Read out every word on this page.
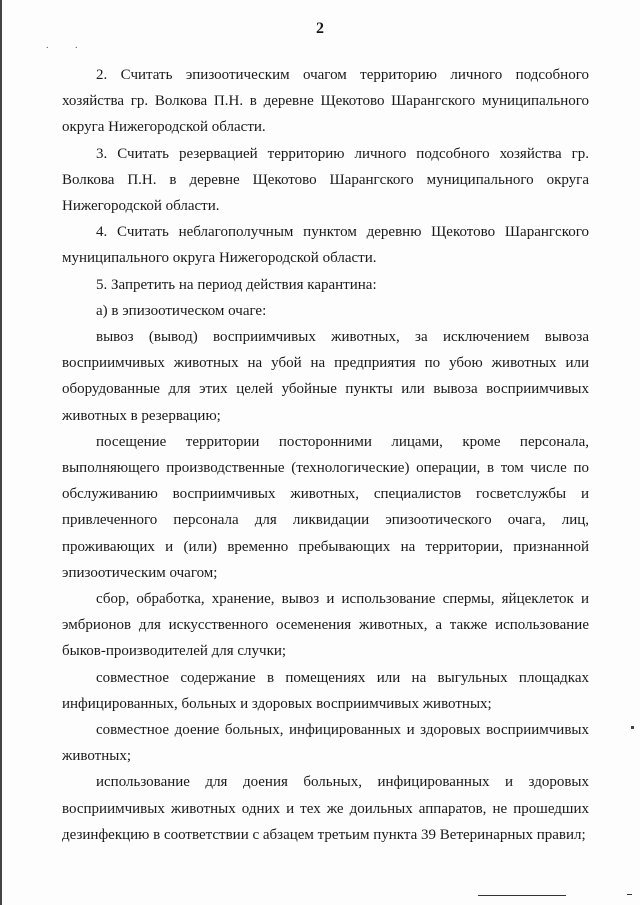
2
. .

2. Считать эпизоотическим очагом территорию личного подсобного хозяйства гр. Волкова П.Н. в деревне Щекотово Шарангского муниципального округа Нижегородской области.

3. Считать резервацией территорию личного подсобного хозяйства гр. Волкова П.Н. в деревне Щекотово Шарангского муниципального округа Нижегородской области.

4. Считать неблагополучным пунктом деревню Щекотово Шарангского муниципального округа Нижегородской области.

5. Запретить на период действия карантина:

а) в эпизоотическом очаге:

вывоз (вывод) восприимчивых животных, за исключением вывоза восприимчивых животных на убой на предприятия по убою животных или оборудованные для этих целей убойные пункты или вывоза восприимчивых животных в резервацию;

посещение территории посторонними лицами, кроме персонала, выполняющего производственные (технологические) операции, в том числе по обслуживанию восприимчивых животных, специалистов госветслужбы и привлеченного персонала для ликвидации эпизоотического очага, лиц, проживающих и (или) временно пребывающих на территории, признанной эпизоотическим очагом;

сбор, обработка, хранение, вывоз и использование спермы, яйцеклеток и эмбрионов для искусственного осеменения животных, а также использование быков-производителей для случки;

совместное содержание в помещениях или на выгульных площадках инфицированных, больных и здоровых восприимчивых животных;

совместное доение больных, инфицированных и здоровых восприимчивых животных;

использование для доения больных, инфицированных и здоровых восприимчивых животных одних и тех же доильных аппаратов, не прошедших дезинфекцию в соответствии с абзацем третьим пункта 39 Ветеринарных правил;
